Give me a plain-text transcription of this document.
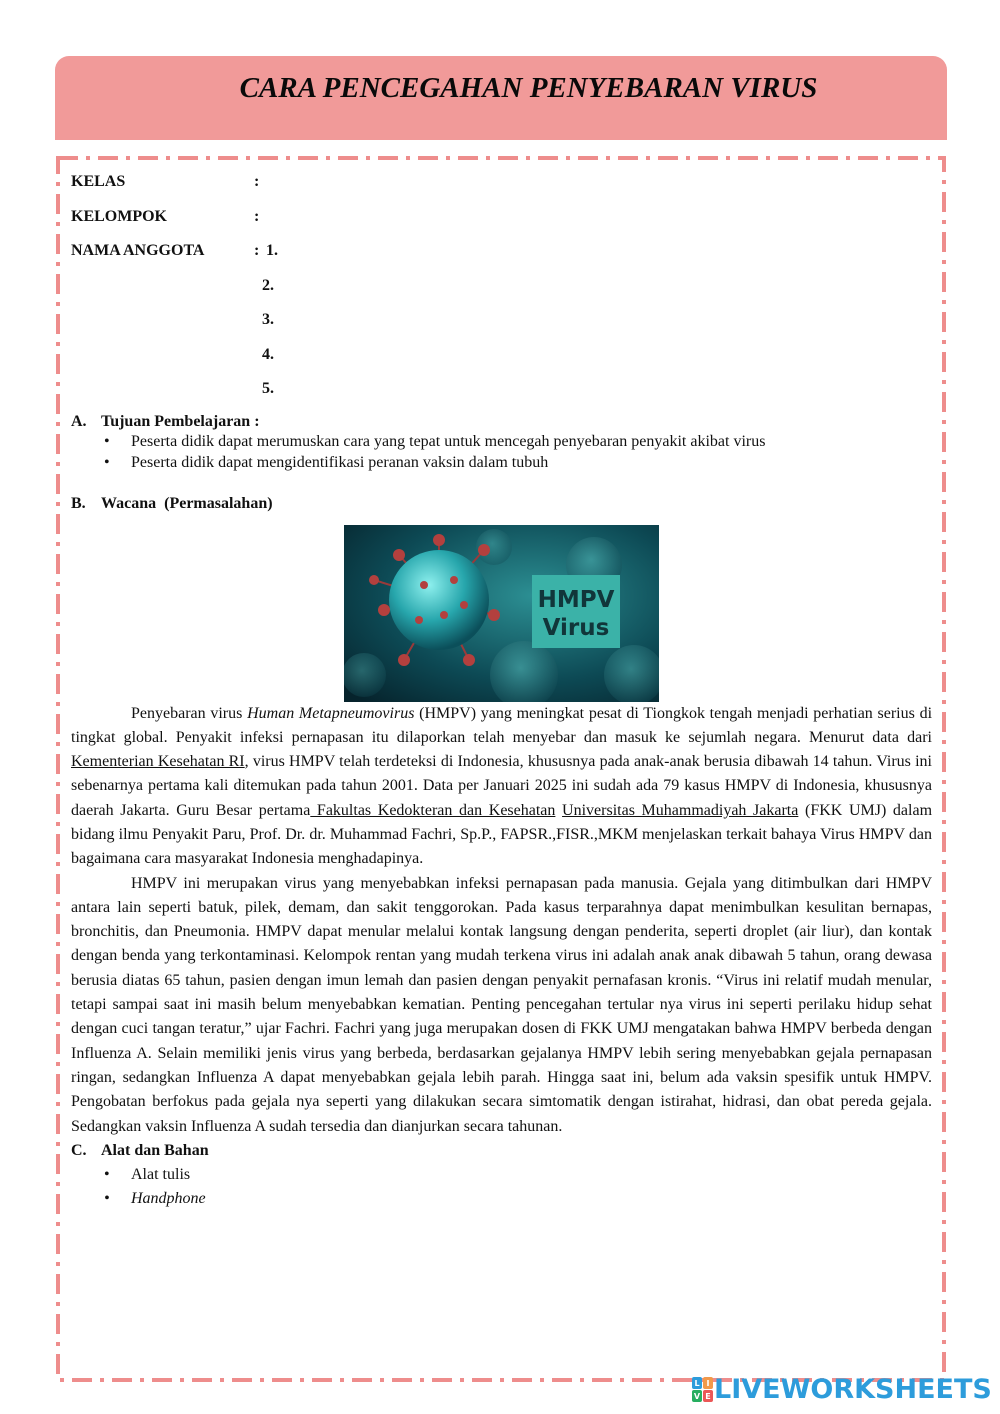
CARA PENCEGAHAN PENYEBARAN VIRUS
KELAS	:
KELOMPOK	:
NAMA ANGGOTA	: 1.
2.
3.
4.
5.
A. Tujuan Pembelajaran :
• Peserta didik dapat merumuskan cara yang tepat untuk mencegah penyebaran penyakit akibat virus
• Peserta didik dapat mengidentifikasi peranan vaksin dalam tubuh
B. Wacana  (Permasalahan)
HMPV
Virus

Penyebaran virus Human Metapneumovirus (HMPV) yang meningkat pesat di Tiongkok tengah menjadi perhatian serius di tingkat global. Penyakit infeksi pernapasan itu dilaporkan telah menyebar dan masuk ke sejumlah negara. Menurut data dari Kementerian Kesehatan RI, virus HMPV telah terdeteksi di Indonesia, khususnya pada anak-anak berusia dibawah 14 tahun. Virus ini sebenarnya pertama kali ditemukan pada tahun 2001. Data per Januari 2025 ini sudah ada 79 kasus HMPV di Indonesia, khususnya daerah Jakarta. Guru Besar pertama Fakultas Kedokteran dan Kesehatan Universitas Muhammadiyah Jakarta (FKK UMJ) dalam bidang ilmu Penyakit Paru, Prof. Dr. dr. Muhammad Fachri, Sp.P., FAPSR.,FISR.,MKM menjelaskan terkait bahaya Virus HMPV dan bagaimana cara masyarakat Indonesia menghadapinya.

HMPV ini merupakan virus yang menyebabkan infeksi pernapasan pada manusia. Gejala yang ditimbulkan dari HMPV antara lain seperti batuk, pilek, demam, dan sakit tenggorokan. Pada kasus terparahnya dapat menimbulkan kesulitan bernapas, bronchitis, dan Pneumonia. HMPV dapat menular melalui kontak langsung dengan penderita, seperti droplet (air liur), dan kontak dengan benda yang terkontaminasi. Kelompok rentan yang mudah terkena virus ini adalah anak anak dibawah 5 tahun, orang dewasa berusia diatas 65 tahun, pasien dengan imun lemah dan pasien dengan penyakit pernafasan kronis. “Virus ini relatif mudah menular, tetapi sampai saat ini masih belum menyebabkan kematian. Penting pencegahan tertular nya virus ini seperti perilaku hidup sehat dengan cuci tangan teratur,” ujar Fachri. Fachri yang juga merupakan dosen di FKK UMJ mengatakan bahwa HMPV berbeda dengan Influenza A. Selain memiliki jenis virus yang berbeda, berdasarkan gejalanya HMPV lebih sering menyebabkan gejala pernapasan ringan, sedangkan Influenza A dapat menyebabkan gejala lebih parah. Hingga saat ini, belum ada vaksin spesifik untuk HMPV. Pengobatan berfokus pada gejala nya seperti yang dilakukan secara simtomatik dengan istirahat, hidrasi, dan obat pereda gejala. Sedangkan vaksin Influenza A sudah tersedia dan dianjurkan secara tahunan.

C. Alat dan Bahan
• Alat tulis
• Handphone
L I
V E LIVEWORKSHEETS
